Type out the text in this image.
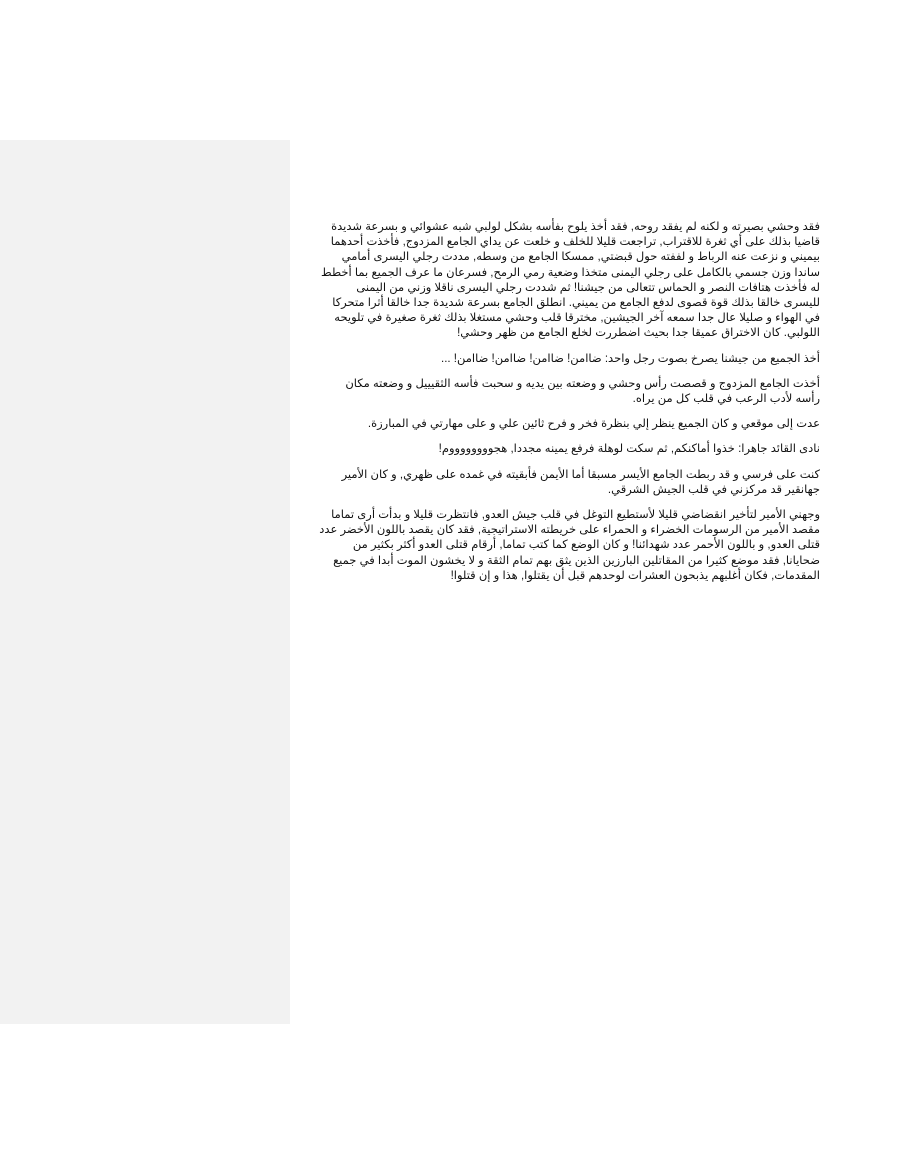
فقد وحشي بصيرته و لكنه لم يفقد روحه, فقد أخذ يلوح بفأسه بشكل لولبي شبه عشوائي و بسرعة شديدة قاضيا بذلك على أي ثغرة للاقتراب, تراجعت قليلا للخلف و خلعت عن يداي الجامع المزدوج, فأخذت أحدهما بيميني و نزعت عنه الرباط و لففته حول قبضتي, ممسكا الجامع من وسطه, مددت رجلي اليسرى أمامي ساندا وزن جسمي بالكامل على رجلي اليمنى متخذا وضعية رمي الرمح, فسرعان ما عرف الجميع بما أخطط له فأخذت هتافات النصر و الحماس تتعالى من جيشنا! ثم شددت رجلي اليسرى ناقلا وزني من اليمنى لليسرى خالقا بذلك قوة قصوى لدفع الجامع من يميني. انطلق الجامع بسرعة شديدة جدا خالقا أثرا متحركا في الهواء و صليلا عال جدا سمعه آخر الجيشين, مخترقا قلب وحشي مستغلا بذلك ثغرة صغيرة في تلويحه اللولبي. كان الاختراق عميقا جدا بحيث اضطررت لخلع الجامع من ظهر وحشي!

أخذ الجميع من جيشنا يصرخ بصوت رجل واحد: ضاامن! ضاامن! ضاامن! ضاامن! ...

أخذت الجامع المزدوج و قصصت رأس وحشي و وضعته بين يديه و سحبت فأسه الثقيييل و وضعته مكان رأسه لأدب الرعب في قلب كل من يراه.

عدت إلى موقعي و كان الجميع ينظر إلي بنظرة فخر و فرح ثائين علي و على مهارتي في المبارزة.

نادى القائد جاهرا: خذوا أماكنكم, ثم سكت لوهلة فرفع يمينه مجددا, هجووووووووم!

كنت على فرسي و قد ربطت الجامع الأيسر مسبقا أما الأيمن فأبقيته في غمده على ظهري, و كان الأمير جهانقير قد مركزني في قلب الجيش الشرقي.

وجهني الأمير لتأخير انقضاضي قليلا لأستطيع التوغل في قلب جيش العدو, فانتظرت قليلا و بدأت أرى تماما مقصد الأمير من الرسومات الخضراء و الحمراء على خريطته الاستراتيجية, فقد كان يقصد باللون الأخضر عدد قتلى العدو, و باللون الأحمر عدد شهدائنا! و كان الوضع كما كتب تماما, أرقام قتلى العدو أكثر بكثير من ضحايانا, فقد موضع كثيرا من المقاتلين البارزين الذين يثق بهم تمام الثقة و لا يخشون الموت أبدا في جميع المقدمات, فكان أغلبهم يذبحون العشرات لوحدهم قبل أن يقتلوا, هذا و إن قتلوا!
